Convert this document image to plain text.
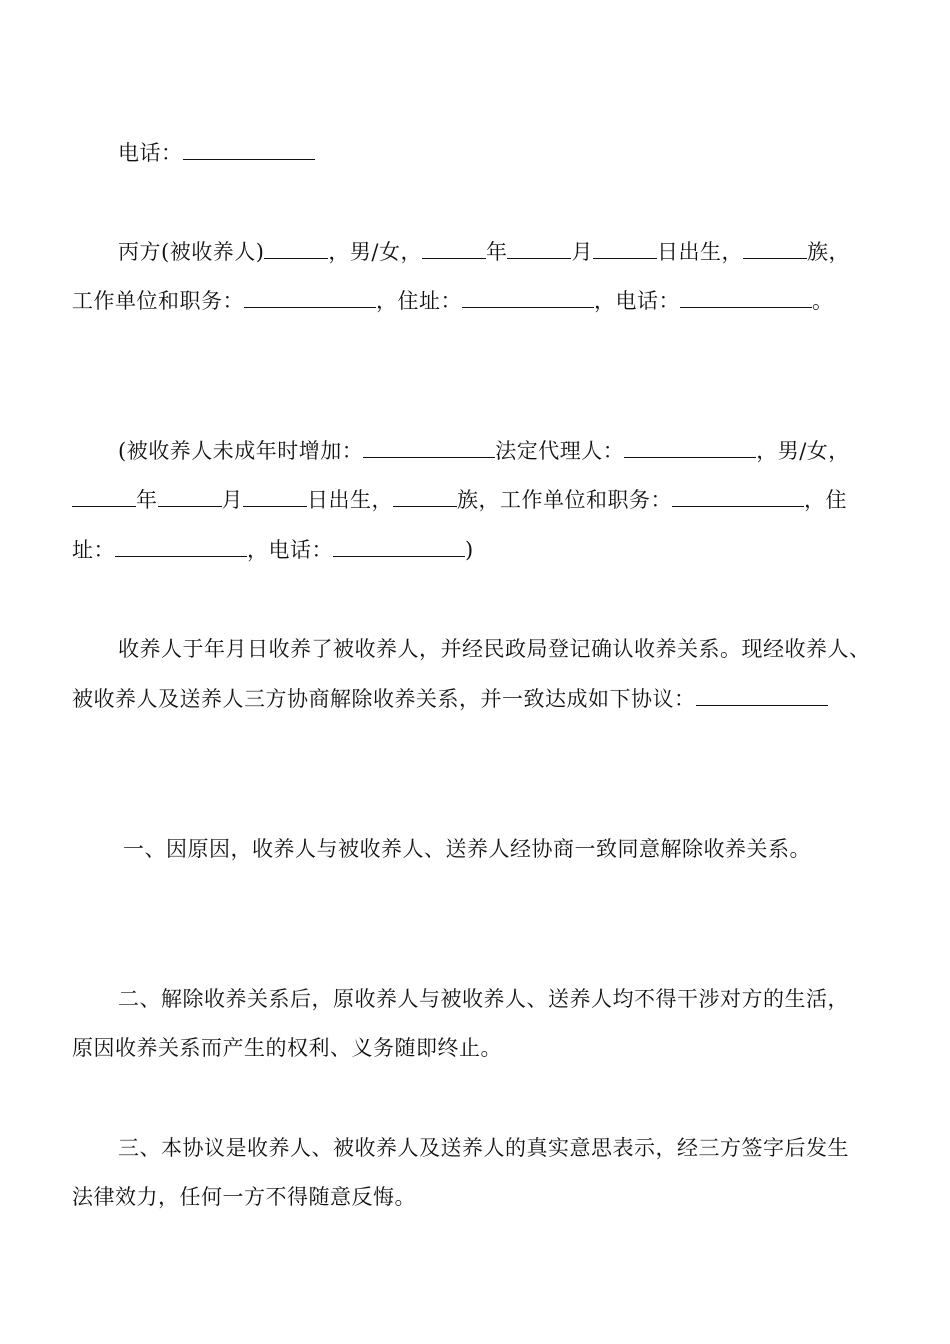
电话：
丙方(被收养人)	，男/女，	年	月	日出生，	族，
工作单位和职务：	，住址：	，电话：	。
(被收养人未成年时增加：	法定代理人：	，男/女，
年	月	日出生，	族，工作单位和职务：	，住
址：	，电话：	)
收养人于年月日收养了被收养人，并经民政局登记确认收养关系。现经收养人、
被收养人及送养人三方协商解除收养关系，并一致达成如下协议：
一、因原因，收养人与被收养人、送养人经协商一致同意解除收养关系。
二、解除收养关系后，原收养人与被收养人、送养人均不得干涉对方的生活，
原因收养关系而产生的权利、义务随即终止。
三、本协议是收养人、被收养人及送养人的真实意思表示，经三方签字后发生
法律效力，任何一方不得随意反悔。
